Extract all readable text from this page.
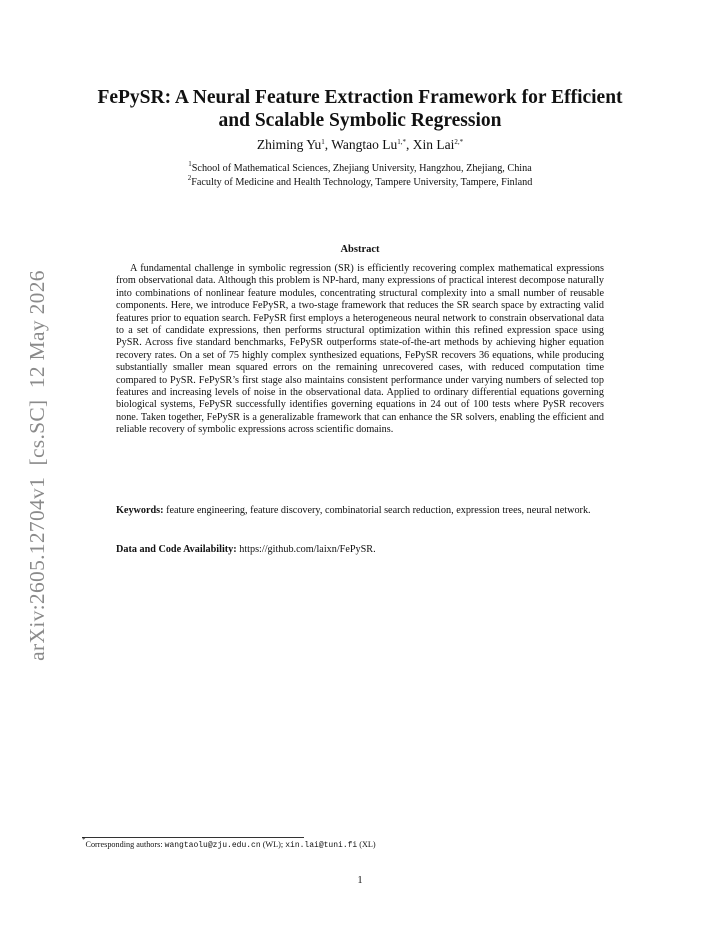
arXiv:2605.12704v1  [cs.SC]  12 May 2026
FePySR: A Neural Feature Extraction Framework for Efficient and Scalable Symbolic Regression
Zhiming Yu$^1$, Wangtao $Lu^{1,*}$, Xin Lai$^{2,*}$
$^1$School of Mathematical Sciences, Zhejiang University, Hangzhou, Zhejiang, China
$^2$Faculty of Medicine and Health Technology, Tampere University, Tampere, Finland
Abstract

A fundamental challenge in symbolic regression (SR) is efficiently recovering complex mathematical expressions from observational data. Although this problem is NP-hard, many expressions of practical interest decompose naturally into combinations of nonlinear feature modules, concentrating structural complexity into a small number of reusable components. Here, we introduce FePySR, a two-stage framework that reduces the SR search space by extracting valid features prior to equation search. FePySR first employs a heterogeneous neural network to constrain observational data to a set of candidate expressions, then performs structural optimization within this refined expression space using PySR. Across five standard benchmarks, FePySR outperforms state-of-the-art methods by achieving higher equation recovery rates. On a set of 75 highly complex synthesized equations, FePySR recovers 36 equations, while producing substantially smaller mean squared errors on the remaining unrecovered cases, with reduced computation time compared to PySR. FePySR’s first stage also maintains consistent performance under varying numbers of selected top features and increasing levels of noise in the observational data. Applied to ordinary differential equations governing biological systems, FePySR successfully identifies governing equations in 24 out of 100 tests where PySR recovers none. Taken together, FePySR is a generalizable framework that can enhance the SR solvers, enabling the efficient and reliable recovery of symbolic expressions across scientific domains.

Keywords: feature engineering, feature discovery, combinatorial search reduction, expression trees, neural network.

Data and Code Availability: https://github.com/laixn/FePySR.

*Corresponding authors: wangtaolu@zju.edu.cn (WL); xin.lai@tuni.fi (XL)
1
